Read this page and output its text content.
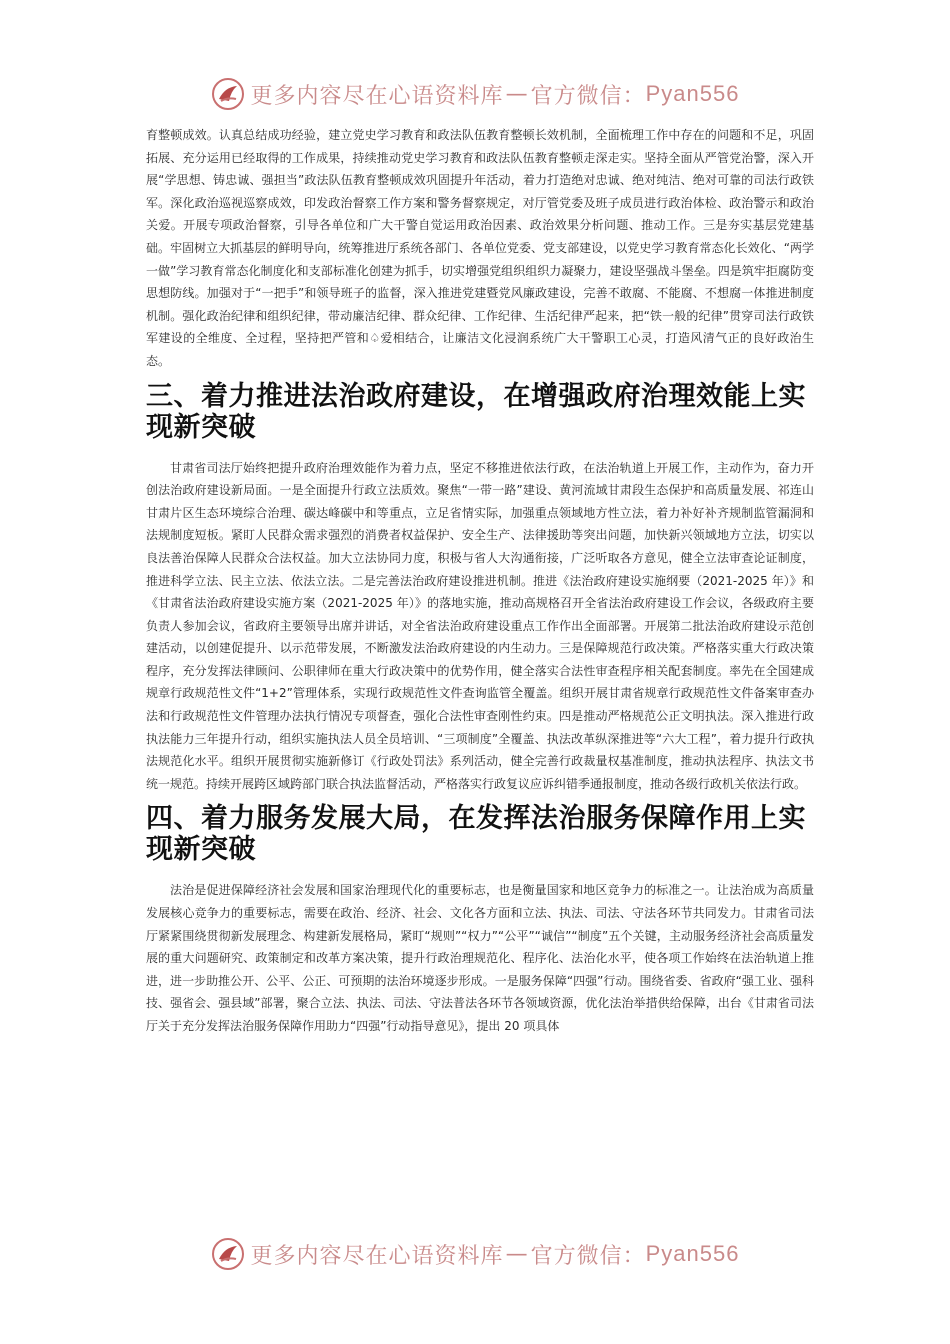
更多内容尽在心语资料库 — 官方微信： Pyan556

育整顿成效。认真总结成功经验，建立党史学习教育和政法队伍教育整顿长效机制，全面梳理工作中存在的问题和不足，巩固拓展、充分运用已经取得的工作成果，持续推动党史学习教育和政法队伍教育整顿走深走实。坚持全面从严管党治警，深入开展“学思想、铸忠诚、强担当”政法队伍教育整顿成效巩固提升年活动，着力打造绝对忠诚、绝对纯洁、绝对可靠的司法行政铁军。深化政治巡视巡察成效，印发政治督察工作方案和警务督察规定，对厅管党委及班子成员进行政治体检、政治警示和政治关爱。开展专项政治督察，引导各单位和广大干警自觉运用政治因素、政治效果分析问题、推动工作。三是夯实基层党建基础。牢固树立大抓基层的鲜明导向，统筹推进厅系统各部门、各单位党委、党支部建设，以党史学习教育常态化长效化、“两学一做”学习教育常态化制度化和支部标准化创建为抓手，切实增强党组织组织力凝聚力，建设坚强战斗堡垒。四是筑牢拒腐防变思想防线。加强对于“一把手”和领导班子的监督，深入推进党建暨党风廉政建设，完善不敢腐、不能腐、不想腐一体推进制度机制。强化政治纪律和组织纪律，带动廉洁纪律、群众纪律、工作纪律、生活纪律严起来，把“铁一般的纪律”贯穿司法行政铁军建设的全维度、全过程，坚持把严管和♤爱相结合，让廉洁文化浸润系统广大干警职工心灵，打造风清气正的良好政治生态。

三、着力推进法治政府建设，在增强政府治理效能上实现新突破

甘肃省司法厅始终把提升政府治理效能作为着力点，坚定不移推进依法行政，在法治轨道上开展工作，主动作为，奋力开创法治政府建设新局面。一是全面提升行政立法质效。聚焦“一带一路”建设、黄河流域甘肃段生态保护和高质量发展、祁连山甘肃片区生态环境综合治理、碳达峰碳中和等重点，立足省情实际，加强重点领域地方性立法，着力补好补齐规制监管漏洞和法规制度短板。紧盯人民群众需求强烈的消费者权益保护、安全生产、法律援助等突出问题，加快新兴领域地方立法，切实以良法善治保障人民群众合法权益。加大立法协同力度，积极与省人大沟通衔接，广泛听取各方意见，健全立法审查论证制度，推进科学立法、民主立法、依法立法。二是完善法治政府建设推进机制。推进《法治政府建设实施纲要（2021-2025 年）》和《甘肃省法治政府建设实施方案（2021-2025 年）》的落地实施，推动高规格召开全省法治政府建设工作会议，各级政府主要负责人参加会议，省政府主要领导出席并讲话，对全省法治政府建设重点工作作出全面部署。开展第二批法治政府建设示范创建活动，以创建促提升、以示范带发展，不断激发法治政府建设的内生动力。三是保障规范行政决策。严格落实重大行政决策程序，充分发挥法律顾问、公职律师在重大行政决策中的优势作用，健全落实合法性审查程序相关配套制度。率先在全国建成规章行政规范性文件“1+2”管理体系，实现行政规范性文件查询监管全覆盖。组织开展甘肃省规章行政规范性文件备案审查办法和行政规范性文件管理办法执行情况专项督查，强化合法性审查刚性约束。四是推动严格规范公正文明执法。深入推进行政执法能力三年提升行动，组织实施执法人员全员培训、“三项制度”全覆盖、执法改革纵深推进等“六大工程”，着力提升行政执法规范化水平。组织开展贯彻实施新修订《行政处罚法》系列活动，健全完善行政裁量权基准制度，推动执法程序、执法文书统一规范。持续开展跨区域跨部门联合执法监督活动，严格落实行政复议应诉纠错季通报制度，推动各级行政机关依法行政。

四、着力服务发展大局，在发挥法治服务保障作用上实现新突破

法治是促进保障经济社会发展和国家治理现代化的重要标志，也是衡量国家和地区竞争力的标准之一。让法治成为高质量发展核心竞争力的重要标志，需要在政治、经济、社会、文化各方面和立法、执法、司法、守法各环节共同发力。甘肃省司法厅紧紧围绕贯彻新发展理念、构建新发展格局，紧盯“规则”“权力”“公平”“诚信”“制度”五个关键，主动服务经济社会高质量发展的重大问题研究、政策制定和改革方案决策，提升行政治理规范化、程序化、法治化水平，使各项工作始终在法治轨道上推进，进一步助推公开、公平、公正、可预期的法治环境逐步形成。一是服务保障“四强”行动。围绕省委、省政府“强工业、强科技、强省会、强县域”部署，聚合立法、执法、司法、守法普法各环节各领域资源，优化法治举措供给保障，出台《甘肃省司法厅关于充分发挥法治服务保障作用助力“四强”行动指导意见》，提出 20 项具体

更多内容尽在心语资料库 — 官方微信： Pyan556
